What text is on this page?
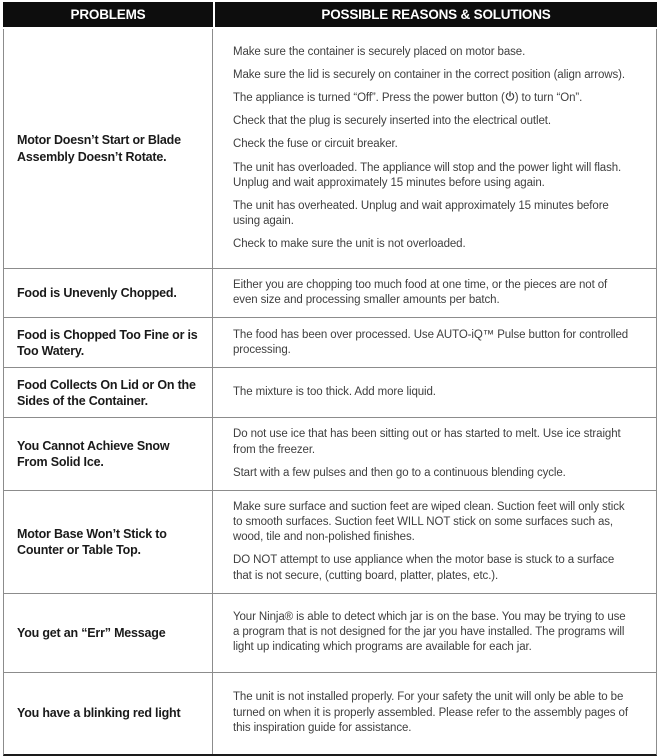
PROBLEMS	POSSIBLE REASONS & SOLUTIONS
Motor Doesn’t Start or Blade Assembly Doesn’t Rotate.

Make sure the container is securely placed on motor base.

Make sure the lid is securely on container in the correct position (align arrows).

The appliance is turned “Off”. Press the power button ( ) to turn “On”.

Check that the plug is securely inserted into the electrical outlet.

Check the fuse or circuit breaker.

The unit has overloaded. The appliance will stop and the power light will flash. Unplug and wait approximately 15 minutes before using again.

The unit has overheated. Unplug and wait approximately 15 minutes before using again.

Check to make sure the unit is not overloaded.

Food is Unevenly Chopped.

Either you are chopping too much food at one time, or the pieces are not of even size and processing smaller amounts per batch.

Food is Chopped Too Fine or is Too Watery.

The food has been over processed. Use AUTO-iQ™ Pulse button for controlled processing.

Food Collects On Lid or On the Sides of the Container.

The mixture is too thick. Add more liquid.

You Cannot Achieve Snow From Solid Ice.

Do not use ice that has been sitting out or has started to melt. Use ice straight from the freezer.

Start with a few pulses and then go to a continuous blending cycle.

Motor Base Won’t Stick to Counter or Table Top.

Make sure surface and suction feet are wiped clean. Suction feet will only stick to smooth surfaces. Suction feet WILL NOT stick on some surfaces such as, wood, tile and non-polished finishes.

DO NOT attempt to use appliance when the motor base is stuck to a surface that is not secure, (cutting board, platter, plates, etc.).

You get an “Err” Message

Your Ninja® is able to detect which jar is on the base. You may be trying to use a program that is not designed for the jar you have installed. The programs will light up indicating which programs are available for each jar.

You have a blinking red light

The unit is not installed properly. For your safety the unit will only be able to be turned on when it is properly assembled. Please refer to the assembly pages of this inspiration guide for assistance.
